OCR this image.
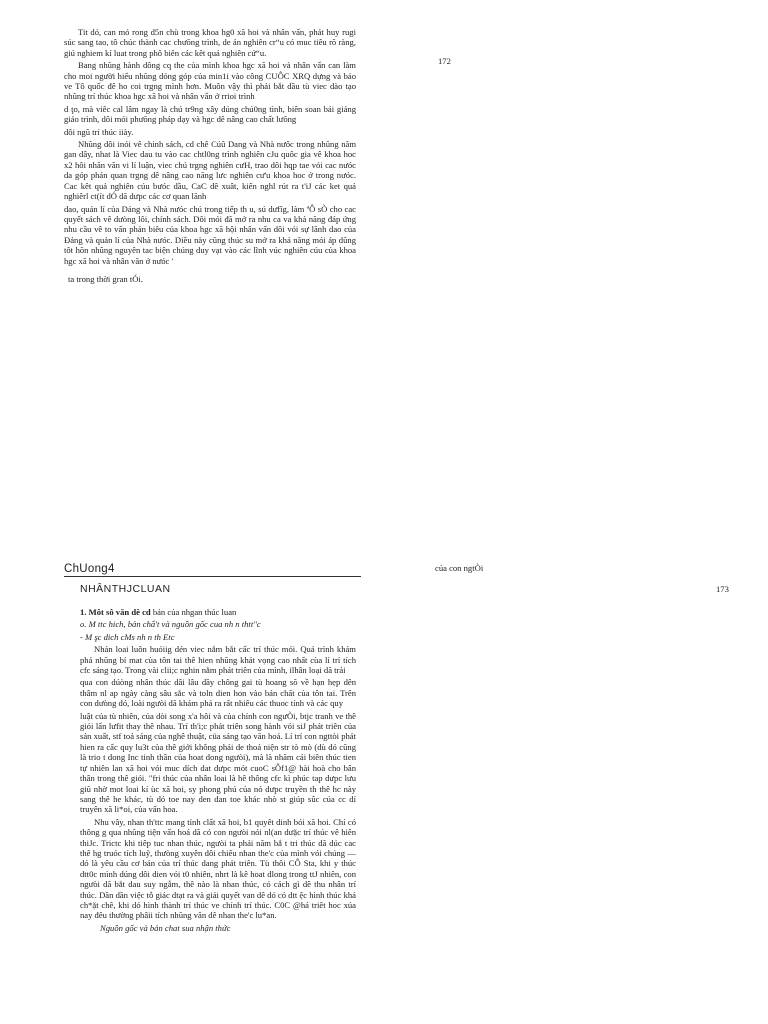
Tit dó, can mó rong d5n chù trong khoa hg0 xã hoi và nhân vấn, phát huy rugi súc sang tao, tô chúc thành cac chưōng trình, de án nghiên cr“u có muc tiêu rõ ràng, giú nghiem kí luat trong phô biên các kêt quả nghiên cứ“u.

Bang nhũng hành dông cq the của mình khoa hgc xã hoi và nhân vẩn can làm cho moi người hiểu nhũng dóng góp của min1i vào công CUÔC XRQ dựng và bảo ve Tô quốc đê ho coi trgng mình hơn. Muôn vậy thì phải bắt dầu tù viec dào tạo nhũng trí thúc khoa hgc xã hoi và nhân vẩn ở rrioi trình

d ţo, mà viêc cal lâm ngay là chú tr9ng xây dúng chú0ng tình, biên soan bải giảng giáo trình, dôi mói phưōng pháp dạy và hgc dê nâng cao chất lưōng

dôi ngũ trí thúc iiày.

Nhũng dôi inói vê chính sách, cd chê Cúû Dang và Nhà nưôc trong nhũng năm gan dây, nhat là Viec dau tu vào cac chtl0ng trình nghiên cJu quôc gia vê khoa hoc x2 hôi nhăn văn vi lí luận, viec chú trgng nghiên cưH, trao dôi hqp tae vói cac nưóc da góp phán quan trgng dê nâng cao năng lưc nghiên cư'u khoa hoc ở trong nưóc. Cac kêt quả nghiên cúu bưóc dầu, CaC dê xuât, kiến nghl rút ra t'iJ các ket quả nghiêrl ct(ít dÓ dã dưpc các cơ quan lãnh

dao, quản lí của Dảng và Nhà nưóc chú trong tiếp th u, sú dưfîg, làm ªÔ sÒ cho cac quyết sách vê dưòng lôi, chính sách. Dôi mói đã mở ra nhu ca va khả năng đáp ứng nhu cầu vê to vấn phản biêu của khoa hgc xã hội nhân vấn dôi vói sự lãnh dao của Đảng và quản lí của Nhà nưóc. Diều này cũng thúc su mở ra khả năng mói áp dũng tôt hõn nhũng nguyên tac biện chúng duy vạt vào các lĩnh vúc nghiên cúu của khoa hgc xã hoi và nhân văn ở nưóc '

ta trong thời gran tÓi.

172
ChUong4
NHÂNTHJCLUAN
của con ngtÒi
173

1. Môt sô văn dê cd bản của nhgan thúc luan

o. M ttc hich, bản chẩ't và nguồn gốc cua nh n thtt"c

- M şc dich cMs nh n th Etc

Nhản loai luôn huóiig dén viec nắm bắt cấc trí thúc mói. Quá trình khám phá nhũng bí mat cùa tôn tai thê hien nhũng khát vọng cao nhất cùa lí trí tích cfc sáng tạo. Trong vài clii;c nghin nằm phát triên của mình, ilhân loại dã trải

qua con dúòng nhân thúc dâi lâu dầy chông gai tù hoang sõ về hạn hẹp dên thâm nl ap ngày càng sâu sắc và toln dien hon vào bản chất của tôn tai. Trên con dưòng dó, loài ngưòi dã khám phá ra rất nhiêu các thuoc tính và các quy

luật của tù nhiên, của dòi song x'a hôi và của chính con ngưÒi, btjc tranh ve thê giói lẩn lưfit thay thê nhau. Trí th'i;c phát triên song hành vói siJ phát triên của sản xuất, stf toả sáng của nghê thuật, cüa sáng tạo văn hoá. Lí trí con ngttòi phát hien ra cấc quy lu3t của thê giới không phải de thoả niện str tò mò (dù dó cũng là trio t dong Inc tinh thần của hoat dong ngưòi), mà là nhăm cải biên thúc tien tự nhiên lan xã hoi vói muc dích dat dưpc mót cuoC sÔf1@ hài hoà cho bân thân trong thê giói. "fri thúc của nhân loai là hê thông cfc kì phúc tap dưpc lưu giũ nhờ mot loai kí ùc xã hoi, sy phong phú của nó dưpc truyền th thê hc này sang thê he khác, tù dó toe nay den dan toe khác nhò st giúp sũc cúa cc dí truyên xã li*oi, của vấn hoa.

Nhu vây, nhan th'ttc mang tính clẩt xã hoi, b1 quyêt dinh bói xã hoi. Chí có thông g qua nhũng tiện vấn hoá dã có con ngưòi nói nl(an dưặc trí thúc vê hiên thiJc. Trictc khi tiêp tuc nhan thúc, ngưòi ta phải năm bắ t tri thúc dã dúc cac thê hg truóc tích luỹ, thưòng xuyên dôi chiếu nhan the'c của mình vói chúng — dó là yêu cầu cơ bản của trí thúc dang phát triên. Tù thôi CÔ Sta, khi y thúc dtt0c mình dúng dôi dien vói t0 nhiên, nhrt là kê hoat dlong trong ttJ nhiên, con ngưòi dã bắt dau suy ngẫm, thê nào là nhan thúc, có cách gì dê thu nhân trí thúc. Dần dần việc tỗ giác dtạt ra và giải quyết van dê dó có dtt ệc hình thúc khá ch*ặt chê, khi dó hình thành trí thúc ve chính trí thúc. C0C @há triêt hoc xúa nay đêu thường phâii tích nhũng văn dê nhan the'c lu*an.

Nguồn gốc và bản chat sua nhận thức
